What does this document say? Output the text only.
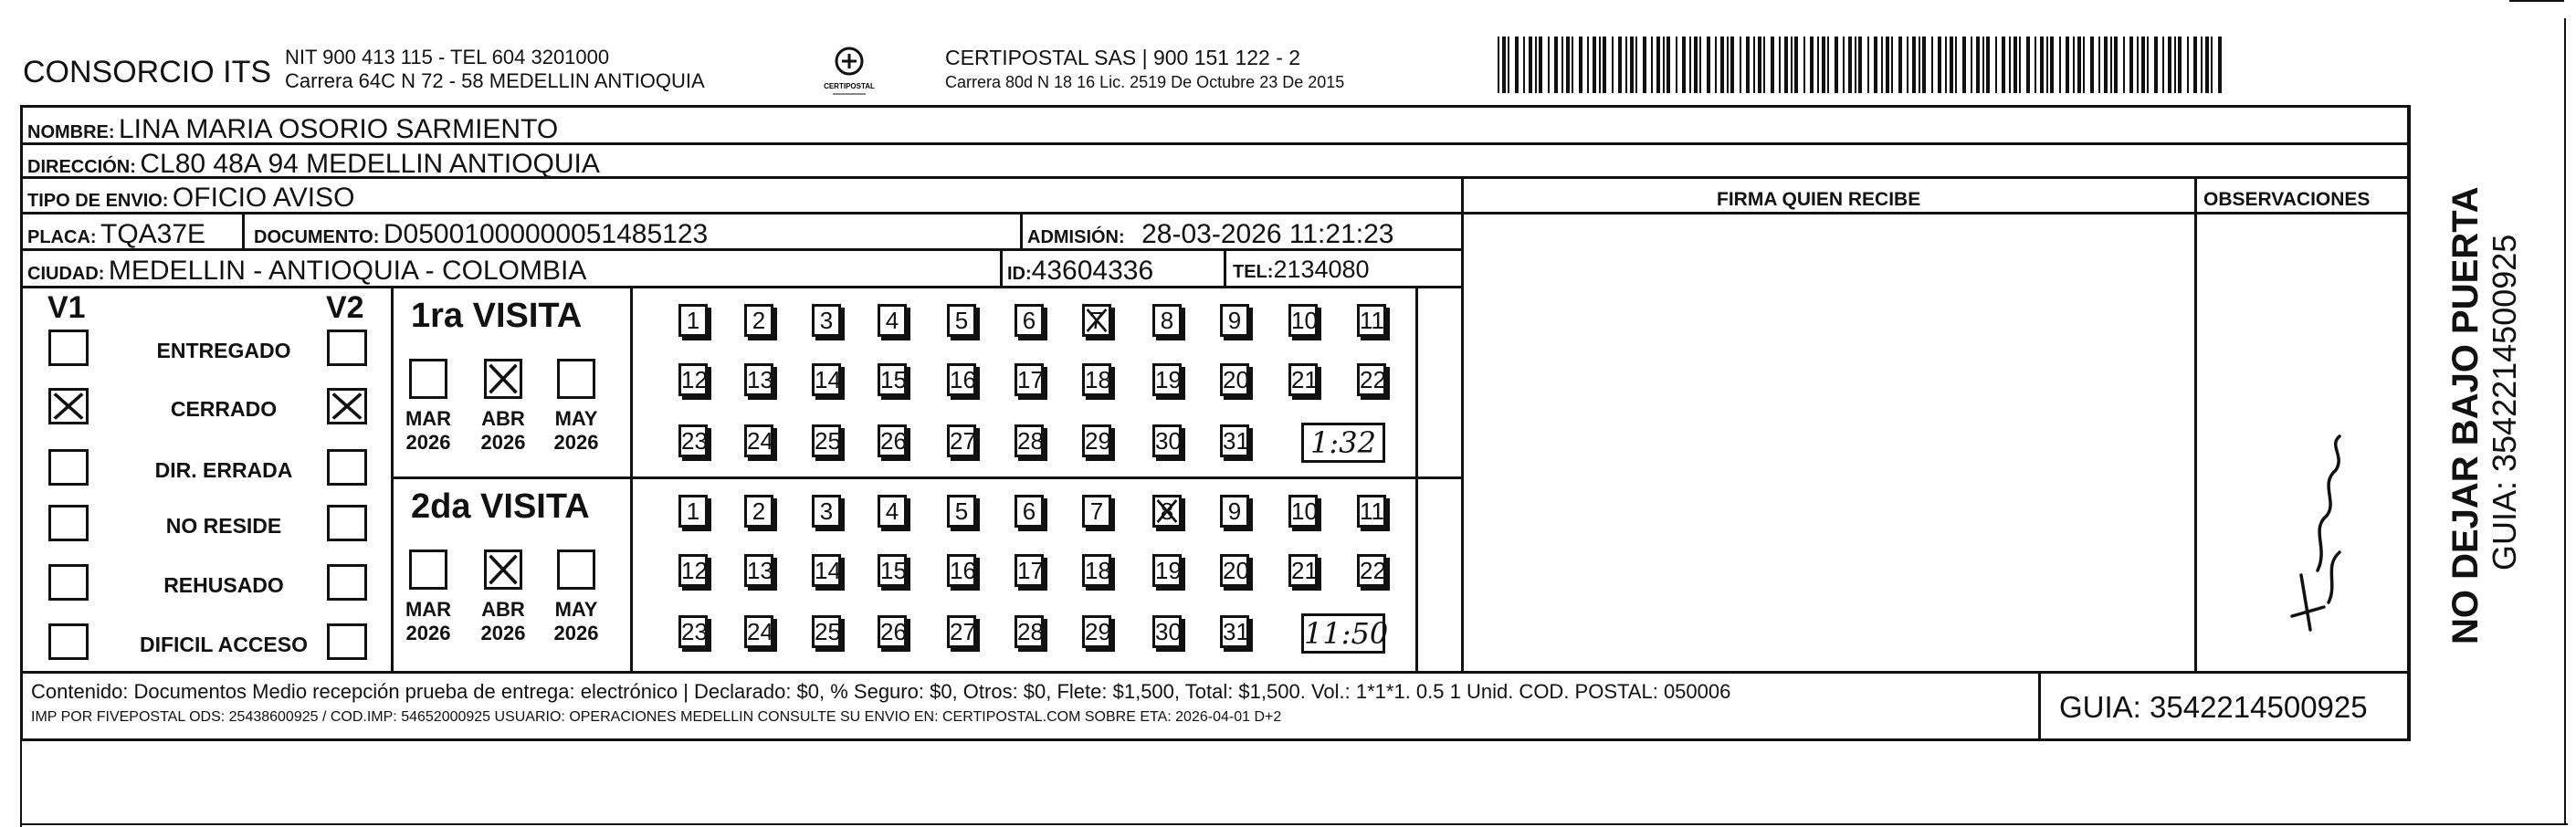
CONSORCIO ITS NIT 900 413 115 - TEL 604 3201000
Carrera 64C N 72 - 58 MEDELLIN ANTIOQUIA	CERTIPOSTAL
CERTIPOSTAL SAS | 900 151 122 - 2
Carrera 80d N 18 16 Lic. 2519 De Octubre 23 De 2015
NOMBRE: LINA MARIA OSORIO SARMIENTO
DIRECCIÓN: CL80 48A 94 MEDELLIN ANTIOQUIA
TIPO DE ENVIO: OFICIO AVISO
PLACA: TQA37E	DOCUMENTO: D05001000000051485123	ADMISIÓN: 28-03-2026 11:21:23
CIUDAD: MEDELLIN - ANTIOQUIA - COLOMBIA	ID:43604336	TEL:2134080
FIRMA QUIEN RECIBE	OBSERVACIONES
V1	V2
ENTREGADO
CERRADO
DIR. ERRADA
NO RESIDE
REHUSADO
DIFICIL ACCESO
1ra VISITA
MAR
2026
ABR
2026
MAY
2026
1	2	3	4	5	6	7	8	9	10 11
12 13 14 15 16 17 18 19 20 21 22
23 24 25 26 27 28 29 30 31	1:32
2da VISITA
MAR
2026
ABR
2026
MAY
2026
1	2	3	4	5	6	7	8	9	10 11
12 13 14 15 16 17 18 19 20 21 22
23 24 25 26 27 28 29 30 31 11:50
Contenido: Documentos Medio recepción prueba de entrega: electrónico | Declarado: $0, % Seguro: $0, Otros: $0, Flete: $1,500, Total: $1,500. Vol.: 1*1*1. 0.5 1 Unid. COD. POSTAL: 050006
IMP POR FIVEPOSTAL ODS: 25438600925 / COD.IMP: 54652000925 USUARIO: OPERACIONES MEDELLIN CONSULTE SU ENVIO EN: CERTIPOSTAL.COM SOBRE ETA: 2026-04-01 D+2	GUIA: 3542214500925
NO DEJAR BAJO PUERTA GUIA: 3542214500925
